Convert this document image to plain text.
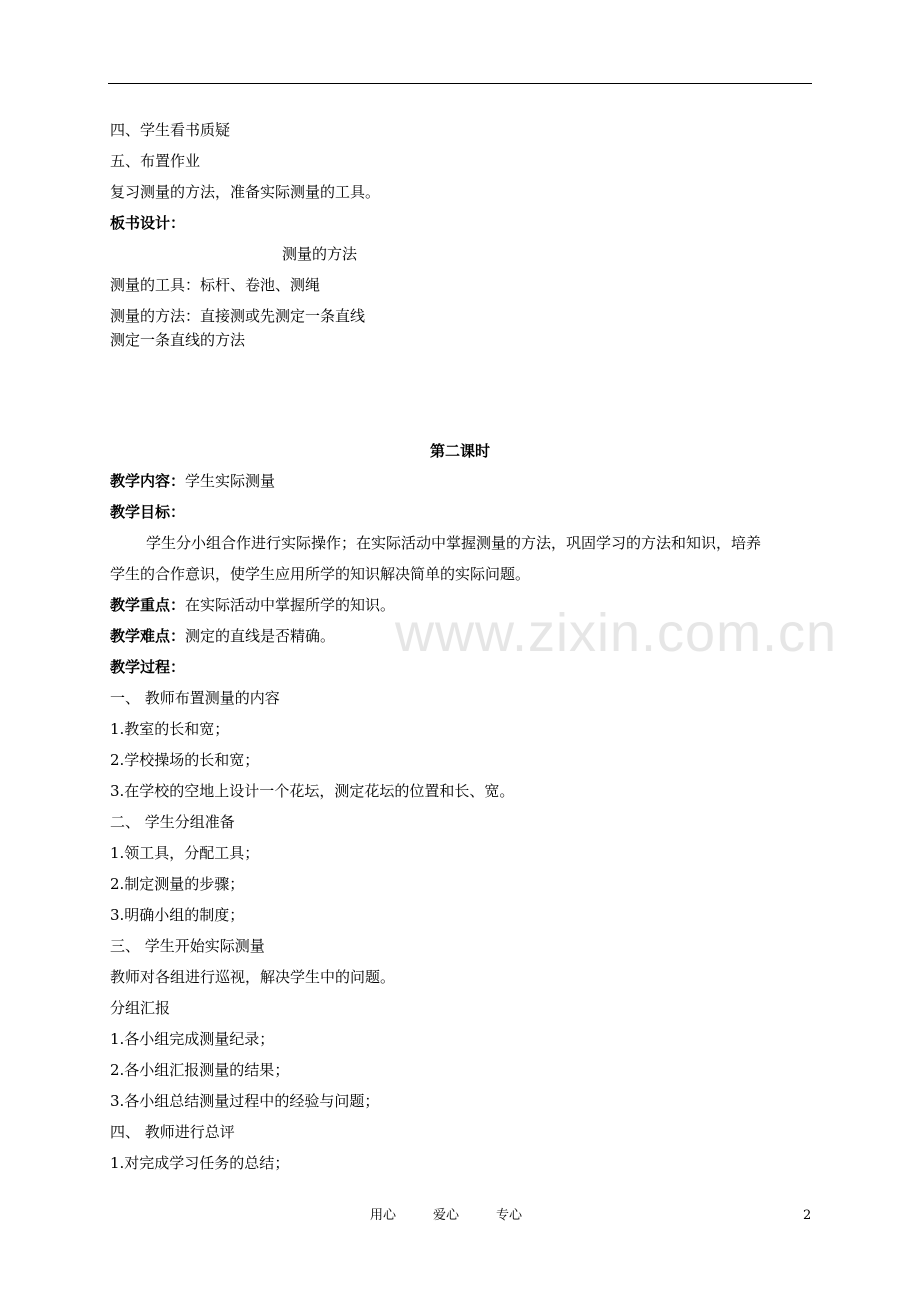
www.zixin.com.cn
四、学生看书质疑
五、布置作业
复习测量的方法，准备实际测量的工具。
板书设计：
测量的方法
测量的工具：标杆、卷池、测绳
测量的方法：直接测或先测定一条直线
测定一条直线的方法
第二课时
教学内容：学生实际测量
教学目标：
学生分小组合作进行实际操作；在实际活动中掌握测量的方法，巩固学习的方法和知识，培养
学生的合作意识，使学生应用所学的知识解决简单的实际问题。
教学重点：在实际活动中掌握所学的知识。
教学难点：测定的直线是否精确。
教学过程：
一、 教师布置测量的内容
1.教室的长和宽；
2.学校操场的长和宽；
3.在学校的空地上设计一个花坛，测定花坛的位置和长、宽。
二、 学生分组准备
1.领工具，分配工具；
2.制定测量的步骤；
3.明确小组的制度；
三、 学生开始实际测量
教师对各组进行巡视，解决学生中的问题。
分组汇报
1.各小组完成测量纪录；
2.各小组汇报测量的结果；
3.各小组总结测量过程中的经验与问题；
四、 教师进行总评
1.对完成学习任务的总结；
用心	爱心	专心	2
